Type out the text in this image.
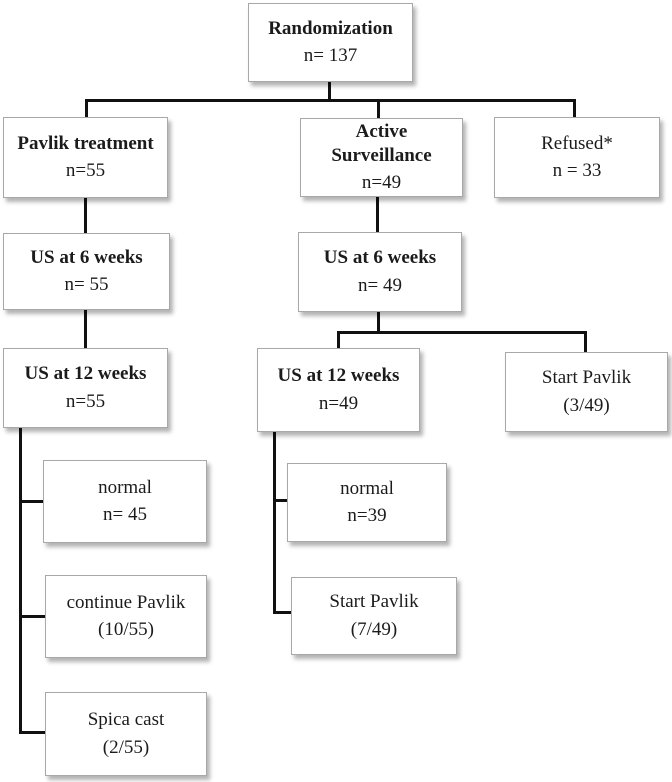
Randomization
n= 137
Pavlik treatment
n=55
Active Surveillance
n=49
Refused*
n = 33
US at 6 weeks
n= 55
US at 6 weeks
n= 49
US at 12 weeks
n=55
US at 12 weeks
n=49
Start Pavlik
(3/49)
normal
n= 45
continue Pavlik
(10/55)
Spica cast
(2/55)
normal
n=39
Start Pavlik
(7/49)
